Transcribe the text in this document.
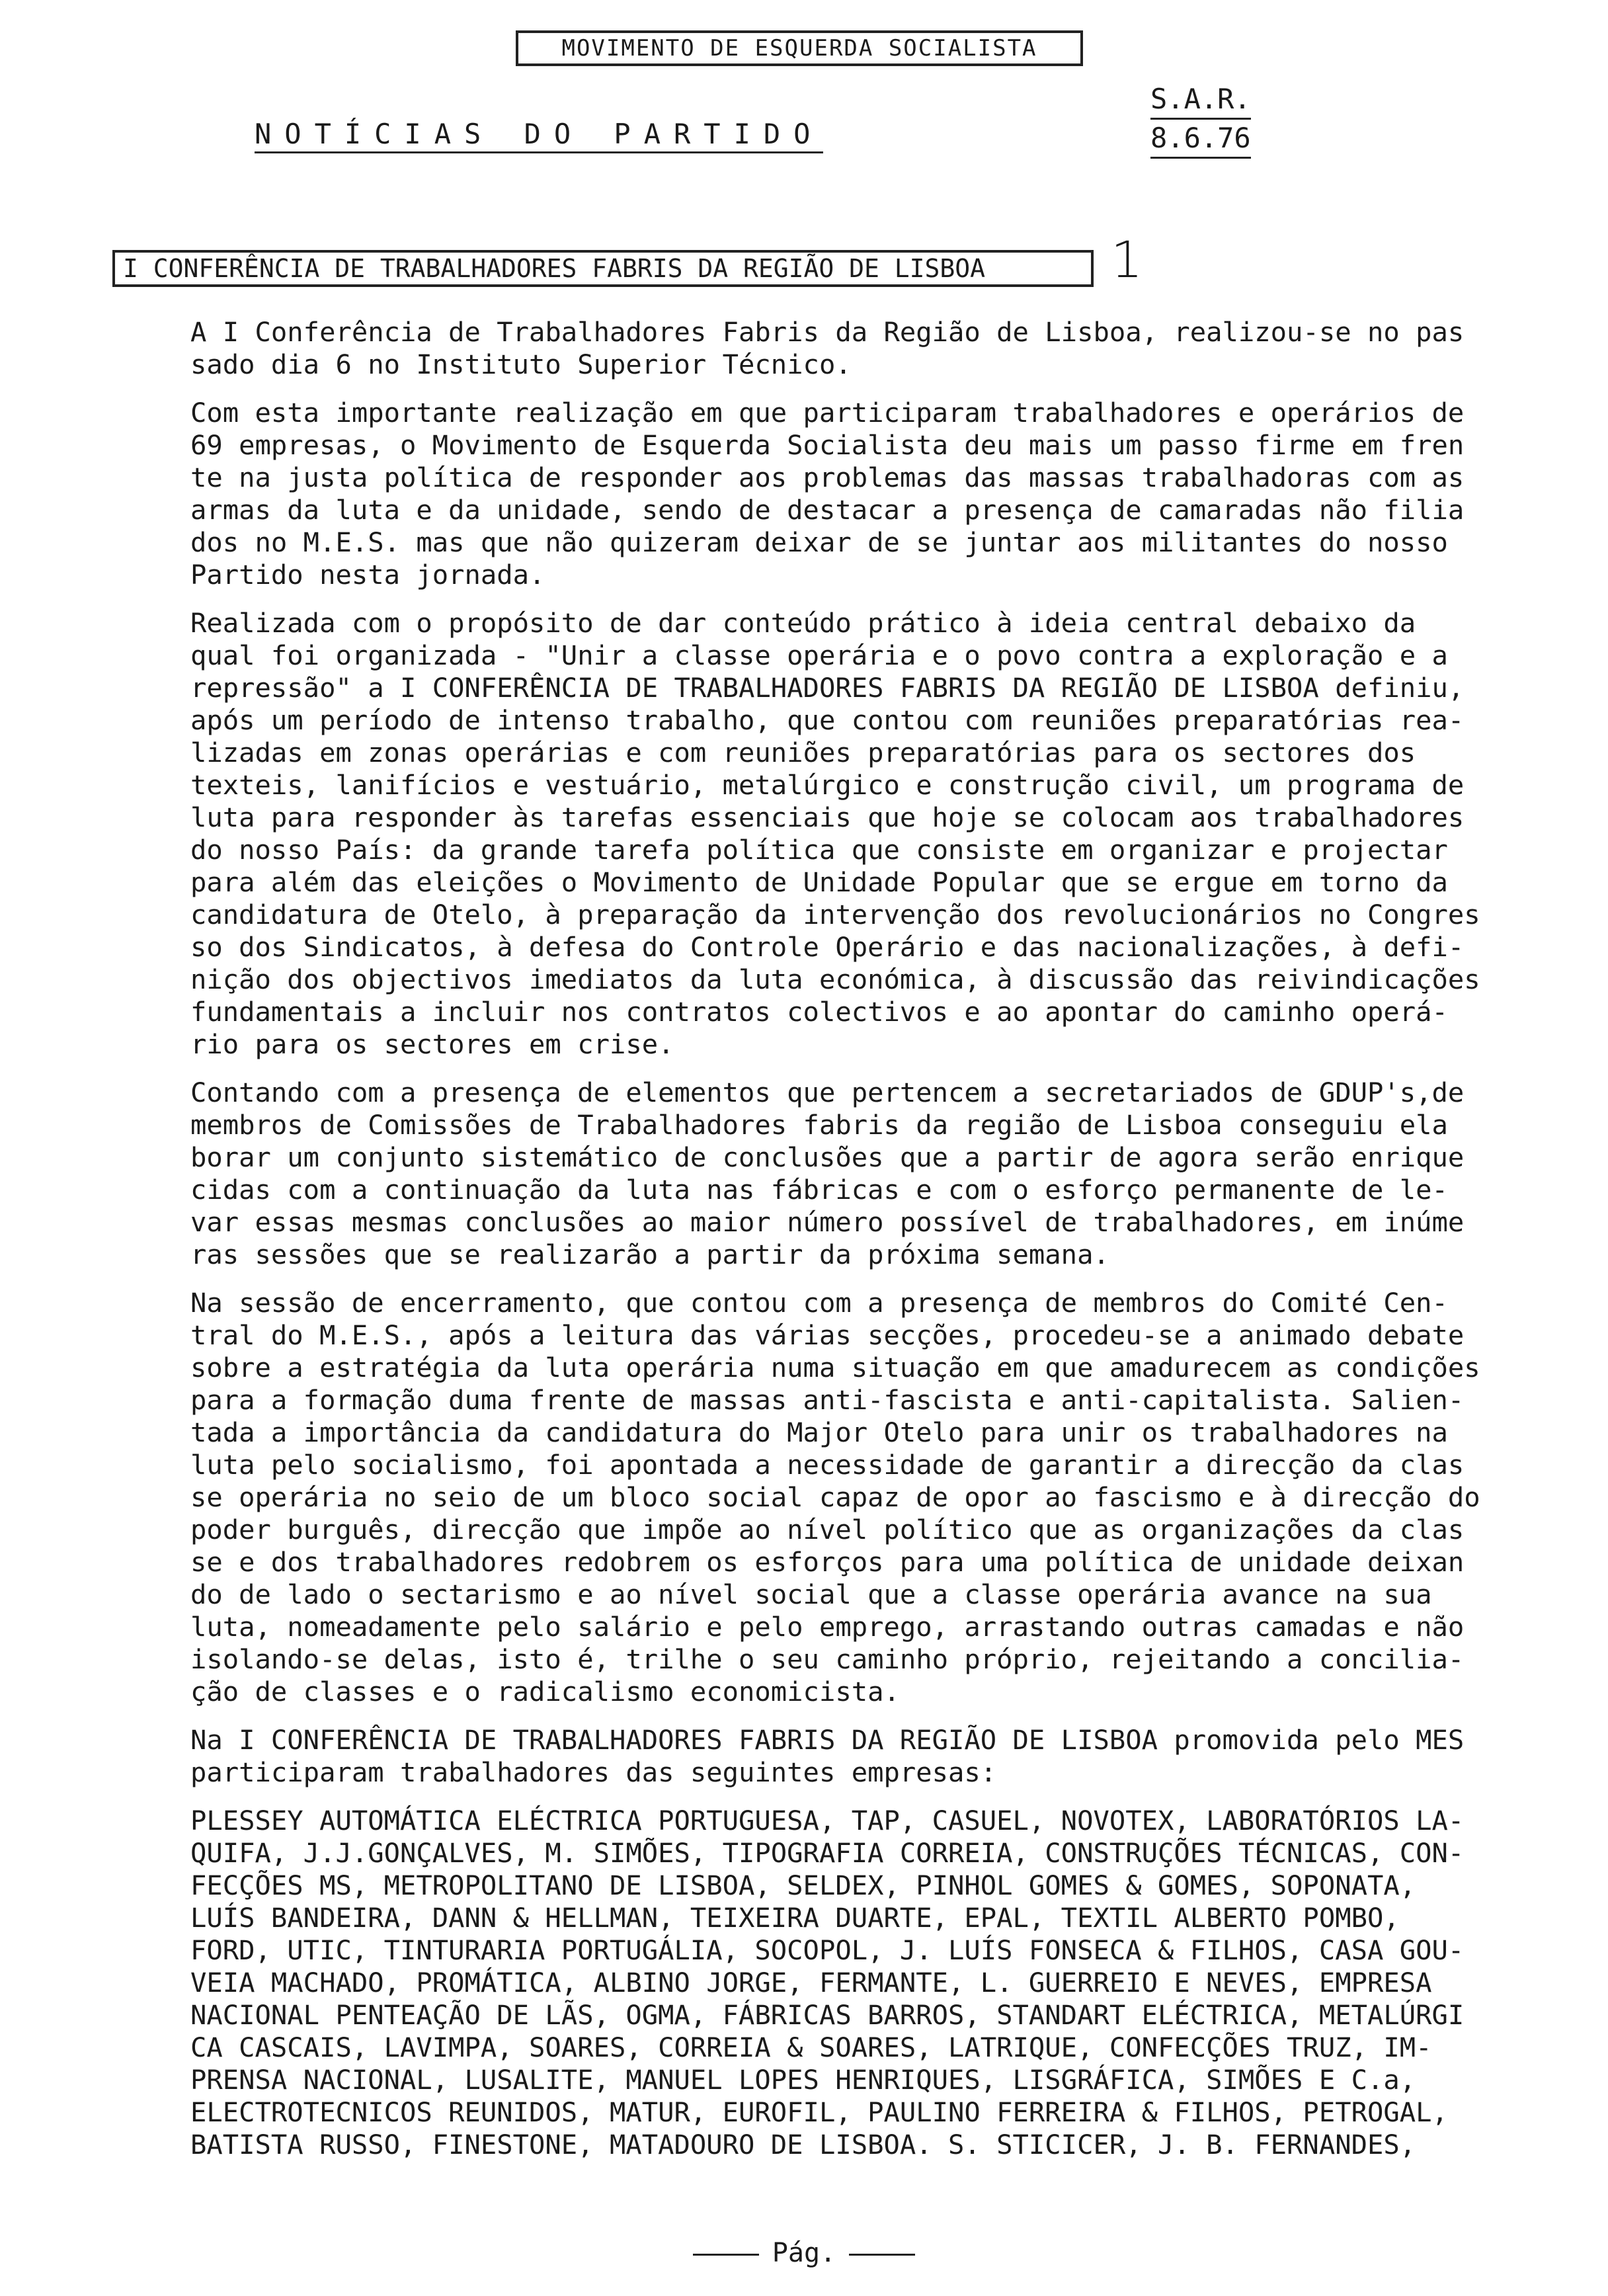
MOVIMENTO DE ESQUERDA SOCIALISTA
NOTÍCIAS DO PARTIDO
S.A.R.
8.6.76
I CONFERÊNCIA DE TRABALHADORES FABRIS DA REGIÃO DE LISBOA	1
A I Conferência de Trabalhadores Fabris da Região de Lisboa, realizou-se no pas
sado dia 6 no Instituto Superior Técnico.
Com esta importante realização em que participaram trabalhadores e operários de
69 empresas, o Movimento de Esquerda Socialista deu mais um passo firme em fren
te na justa política de responder aos problemas das massas trabalhadoras com as
armas da luta e da unidade, sendo de destacar a presença de camaradas não filia
dos no M.E.S. mas que não quizeram deixar de se juntar aos militantes do nosso
Partido nesta jornada.
Realizada com o propósito de dar conteúdo prático à ideia central debaixo da
qual foi organizada - "Unir a classe operária e o povo contra a exploração e a
repressão" a I CONFERÊNCIA DE TRABALHADORES FABRIS DA REGIÃO DE LISBOA definiu,
após um período de intenso trabalho, que contou com reuniões preparatórias rea-
lizadas em zonas operárias e com reuniões preparatórias para os sectores dos
texteis, lanifícios e vestuário, metalúrgico e construção civil, um programa de
luta para responder às tarefas essenciais que hoje se colocam aos trabalhadores
do nosso País: da grande tarefa política que consiste em organizar e projectar
para além das eleições o Movimento de Unidade Popular que se ergue em torno da
candidatura de Otelo, à preparação da intervenção dos revolucionários no Congres
so dos Sindicatos, à defesa do Controle Operário e das nacionalizações, à defi-
nição dos objectivos imediatos da luta económica, à discussão das reivindicações
fundamentais a incluir nos contratos colectivos e ao apontar do caminho operá-
rio para os sectores em crise.
Contando com a presença de elementos que pertencem a secretariados de GDUP's,de
membros de Comissões de Trabalhadores fabris da região de Lisboa conseguiu ela
borar um conjunto sistemático de conclusões que a partir de agora serão enrique
cidas com a continuação da luta nas fábricas e com o esforço permanente de le-
var essas mesmas conclusões ao maior número possível de trabalhadores, em inúme
ras sessões que se realizarão a partir da próxima semana.
Na sessão de encerramento, que contou com a presença de membros do Comité Cen-
tral do M.E.S., após a leitura das várias secções, procedeu-se a animado debate
sobre a estratégia da luta operária numa situação em que amadurecem as condições
para a formação duma frente de massas anti-fascista e anti-capitalista. Salien-
tada a importância da candidatura do Major Otelo para unir os trabalhadores na
luta pelo socialismo, foi apontada a necessidade de garantir a direcção da clas
se operária no seio de um bloco social capaz de opor ao fascismo e à direcção do
poder burguês, direcção que impõe ao nível político que as organizações da clas
se e dos trabalhadores redobrem os esforços para uma política de unidade deixan
do de lado o sectarismo e ao nível social que a classe operária avance na sua
luta, nomeadamente pelo salário e pelo emprego, arrastando outras camadas e não
isolando-se delas, isto é, trilhe o seu caminho próprio, rejeitando a concilia-
ção de classes e o radicalismo economicista.
Na I CONFERÊNCIA DE TRABALHADORES FABRIS DA REGIÃO DE LISBOA promovida pelo MES
participaram trabalhadores das seguintes empresas:
PLESSEY AUTOMÁTICA ELÉCTRICA PORTUGUESA, TAP, CASUEL, NOVOTEX, LABORATÓRIOS LA-
QUIFA, J.J.GONÇALVES, M. SIMÕES, TIPOGRAFIA CORREIA, CONSTRUÇÕES TÉCNICAS, CON-
FECÇÕES MS, METROPOLITANO DE LISBOA, SELDEX, PINHOL GOMES & GOMES, SOPONATA,
LUÍS BANDEIRA, DANN & HELLMAN, TEIXEIRA DUARTE, EPAL, TEXTIL ALBERTO POMBO,
FORD, UTIC, TINTURARIA PORTUGÁLIA, SOCOPOL, J. LUÍS FONSECA & FILHOS, CASA GOU-
VEIA MACHADO, PROMÁTICA, ALBINO JORGE, FERMANTE, L. GUERREIO E NEVES, EMPRESA
NACIONAL PENTEAÇÃO DE LÃS, OGMA, FÁBRICAS BARROS, STANDART ELÉCTRICA, METALÚRGI
CA CASCAIS, LAVIMPA, SOARES, CORREIA & SOARES, LATRIQUE, CONFECÇÕES TRUZ, IM-
PRENSA NACIONAL, LUSALITE, MANUEL LOPES HENRIQUES, LISGRÁFICA, SIMÕES E C.a,
ELECTROTECNICOS REUNIDOS, MATUR, EUROFIL, PAULINO FERREIRA & FILHOS, PETROGAL,
BATISTA RUSSO, FINESTONE, MATADOURO DE LISBOA. S. STICICER, J. B. FERNANDES,
Pág.
